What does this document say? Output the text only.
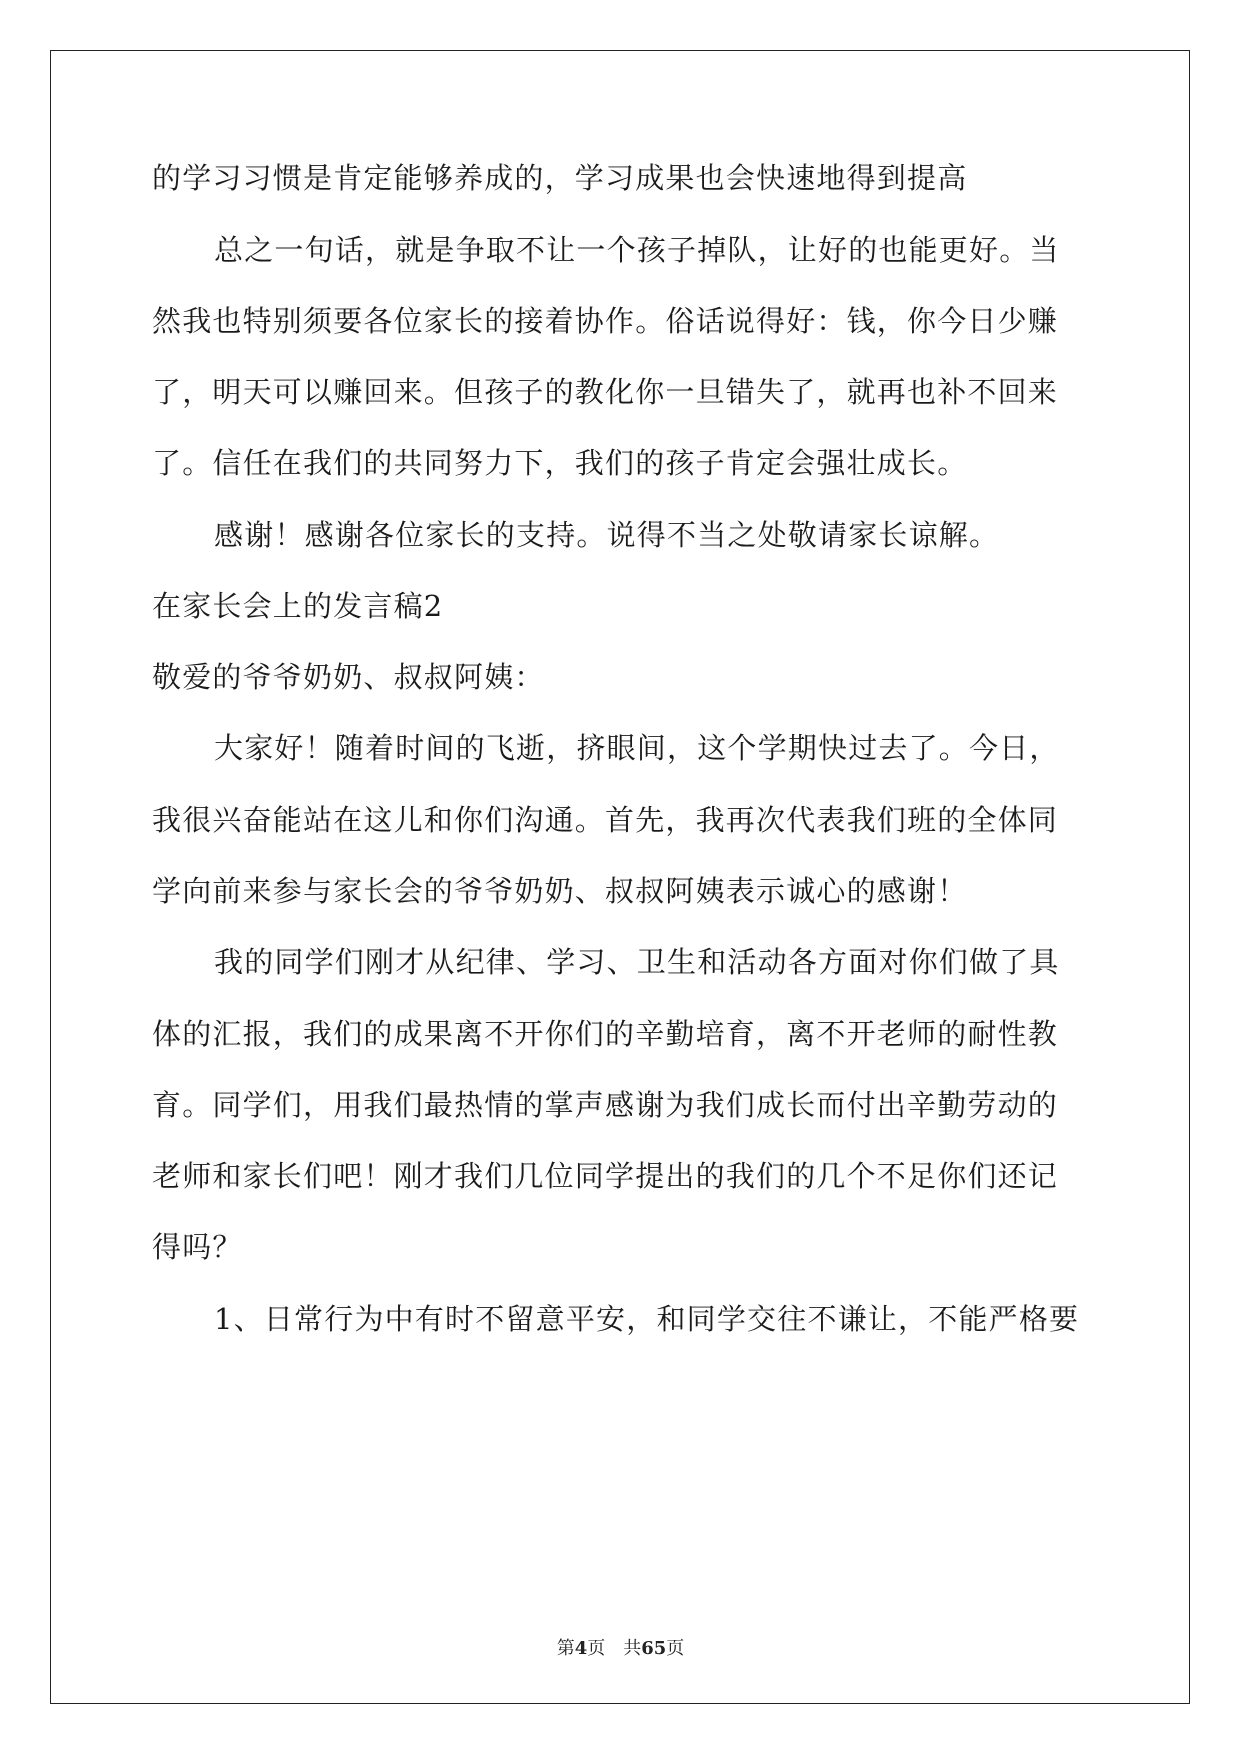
的学习习惯是肯定能够养成的，学习成果也会快速地得到提高
总之一句话，就是争取不让一个孩子掉队，让好的也能更好。当
然我也特别须要各位家长的接着协作。俗话说得好：钱，你今日少赚
了，明天可以赚回来。但孩子的教化你一旦错失了，就再也补不回来
了。信任在我们的共同努力下，我们的孩子肯定会强壮成长。
感谢！感谢各位家长的支持。说得不当之处敬请家长谅解。
在家长会上的发言稿2
敬爱的爷爷奶奶、叔叔阿姨：
大家好！随着时间的飞逝，挤眼间，这个学期快过去了。今日，
我很兴奋能站在这儿和你们沟通。首先，我再次代表我们班的全体同
学向前来参与家长会的爷爷奶奶、叔叔阿姨表示诚心的感谢！
我的同学们刚才从纪律、学习、卫生和活动各方面对你们做了具
体的汇报，我们的成果离不开你们的辛勤培育，离不开老师的耐性教
育。同学们，用我们最热情的掌声感谢为我们成长而付出辛勤劳动的
老师和家长们吧！刚才我们几位同学提出的我们的几个不足你们还记
得吗？
1、日常行为中有时不留意平安，和同学交往不谦让，不能严格要
第4页　共65页
